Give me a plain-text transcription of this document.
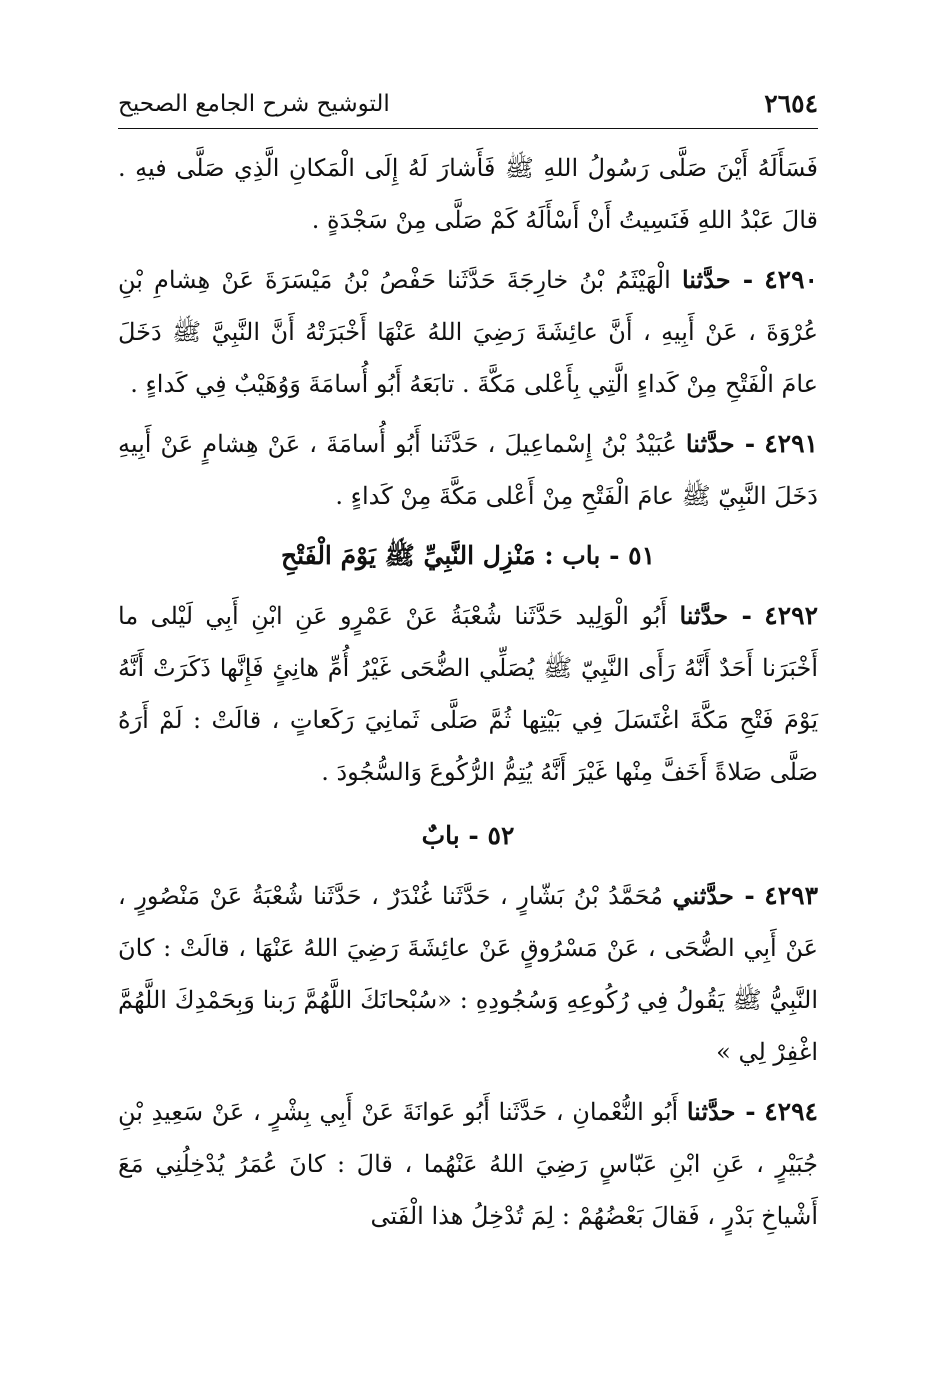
٢٦٥٤
التوشيح شرح الجامع الصحيح

فَسَأَلَهُ أَيْنَ صَلَّى رَسُولُ اللهِ ﷺ فَأَشارَ لَهُ إِلَى الْمَكانِ الَّذِي صَلَّى فيهِ . قالَ عَبْدُ اللهِ فَنَسِيتُ أَنْ أَسْأَلَهُ كَمْ صَلَّى مِنْ سَجْدَةٍ .

٤٢٩٠ - حدَّثنا الْهَيْثَمُ بْنُ خارِجَةَ حَدَّثَنا حَفْصُ بْنُ مَيْسَرَةَ عَنْ هِشامِ بْنِ عُرْوَةَ ، عَنْ أَبِيهِ ، أَنَّ عائِشَةَ رَضِيَ اللهُ عَنْهَا أَخْبَرَتْهُ أَنَّ النَّبِيَّ ﷺ دَخَلَ عامَ الْفَتْحِ مِنْ كَداءٍ الَّتِي بِأَعْلى مَكَّةَ . تابَعَهُ أَبُو أُسامَةَ وَوُهَيْبٌ فِي كَداءٍ .

٤٢٩١ - حدَّثنا عُبَيْدُ بْنُ إِسْماعِيلَ ، حَدَّثَنا أَبُو أُسامَةَ ، عَنْ هِشامٍ عَنْ أَبِيهِ دَخَلَ النَّبِيّ ﷺ عامَ الْفَتْحِ مِنْ أَعْلى مَكَّةَ مِنْ كَداءٍ .

٥١ - باب : مَنْزِل النَّبِيِّ ﷺ يَوْمَ الْفَتْحِ

٤٢٩٢ - حدَّثنا أَبُو الْوَلِيد حَدَّثَنا شُعْبَةُ عَنْ عَمْرٍو عَنِ ابْنِ أَبِي لَيْلى ما أَخْبَرَنا أَحَدٌ أَنَّهُ رَأَى النَّبِيّ ﷺ يُصَلِّي الضُّحَى غَيْرُ أُمِّ هانِئٍ فَإِنَّها ذَكَرَتْ أَنَّهُ يَوْمَ فَتْحِ مَكَّةَ اغْتَسَلَ فِي بَيْتِها ثُمَّ صَلَّى ثَمانِيَ رَكَعاتٍ ، قالَتْ : لَمْ أَرَهُ صَلَّى صَلاةً أَخَفَّ مِنْها غَيْرَ أَنَّهُ يُتِمُّ الرُّكُوعَ وَالسُّجُودَ .

٥٢ - بابٌ

٤٢٩٣ - حدَّثني مُحَمَّدُ بْنُ بَشّارٍ ، حَدَّثَنا غُنْدَرٌ ، حَدَّثَنا شُعْبَةُ عَنْ مَنْصُورٍ ، عَنْ أَبِي الضُّحَى ، عَنْ مَسْرُوقٍ عَنْ عائِشَةَ رَضِيَ اللهُ عَنْهَا ، قالَتْ : كانَ النَّبِيُّ ﷺ يَقُولُ فِي رُكُوعِهِ وَسُجُودِهِ : «سُبْحانَكَ اللَّهُمَّ رَبنا وَبِحَمْدِكَ اللَّهُمَّ اغْفِرْ لِي »

٤٢٩٤ - حدَّثنا أَبُو النُّعْمانِ ، حَدَّثَنا أَبُو عَوانَةَ عَنْ أَبِي بِشْرٍ ، عَنْ سَعِيدِ بْنِ جُبَيْرٍ ، عَنِ ابْنِ عَبّاسٍ رَضِيَ اللهُ عَنْهُما ، قالَ : كانَ عُمَرُ يُدْخِلُنِي مَعَ أَشْياخِ بَدْرٍ ، فَقالَ بَعْضُهُمْ : لِمَ تُدْخِلُ هذا الْفَتى
